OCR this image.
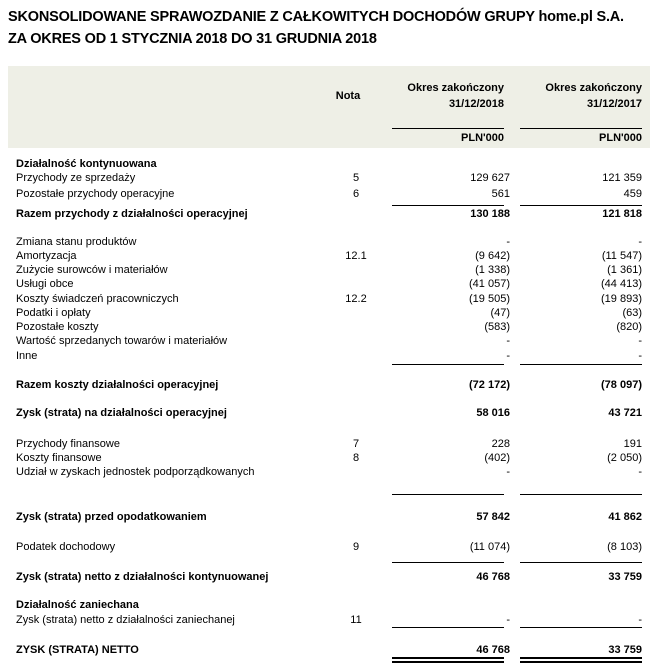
SKONSOLIDOWANE SPRAWOZDANIE Z CAŁKOWITYCH DOCHODÓW GRUPY home.pl S.A.
ZA OKRES OD 1 STYCZNIA 2018 DO 31 GRUDNIA 2018
Nota
Okres zakończony
31/12/2018
Okres zakończony
31/12/2017
PLN'000	PLN'000
Działalność kontynuowana
Przychody ze sprzedaży	5	129 627	121 359
Pozostałe przychody operacyjne	6	561	459
Razem przychody z działalności operacyjnej	130 188	121 818
Zmiana stanu produktów	-	-
Amortyzacja	12.1	(9 642)	(11 547)
Zużycie surowców i materiałów	(1 338)	(1 361)
Usługi obce	(41 057)	(44 413)
Koszty świadczeń pracowniczych	12.2	(19 505)	(19 893)
Podatki i opłaty	(47)	(63)
Pozostałe koszty	(583)	(820)
Wartość sprzedanych towarów i materiałów	-	-
Inne	-	-
Razem koszty działalności operacyjnej	(72 172)	(78 097)
Zysk (strata) na działalności operacyjnej	58 016	43 721
Przychody finansowe	7	228	191
Koszty finansowe	8	(402)	(2 050)
Udział w zyskach jednostek podporządkowanych	-	-
Zysk (strata) przed opodatkowaniem	57 842	41 862
Podatek dochodowy	9	(11 074)	(8 103)
Zysk (strata) netto z działalności kontynuowanej	46 768	33 759
Działalność zaniechana
Zysk (strata) netto z działalności zaniechanej	11	-	-
ZYSK (STRATA) NETTO	46 768	33 759
